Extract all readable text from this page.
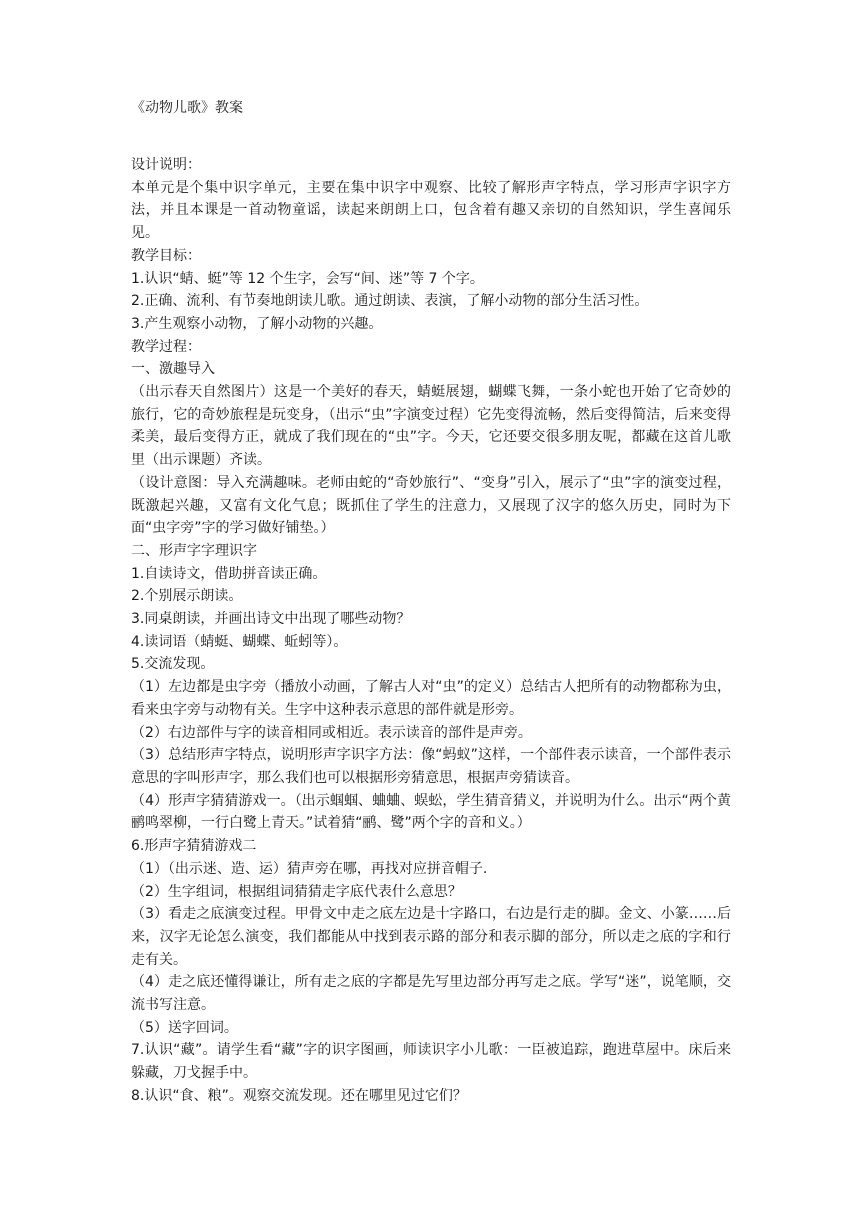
《动物儿歌》教案

设计说明：

本单元是个集中识字单元，主要在集中识字中观察、比较了解形声字特点，学习形声字识字方法，并且本课是一首动物童谣，读起来朗朗上口，包含着有趣又亲切的自然知识，学生喜闻乐见。

教学目标：

1.认识“蜻、蜓”等 12 个生字，会写“间、迷”等 7 个字。

2.正确、流利、有节奏地朗读儿歌。通过朗读、表演，了解小动物的部分生活习性。

3.产生观察小动物，了解小动物的兴趣。

教学过程：

一、激趣导入

（出示春天自然图片）这是一个美好的春天，蜻蜓展翅，蝴蝶飞舞，一条小蛇也开始了它奇妙的旅行，它的奇妙旅程是玩变身，（出示“虫”字演变过程）它先变得流畅，然后变得简洁，后来变得柔美，最后变得方正，就成了我们现在的“虫”字。今天，它还要交很多朋友呢，都藏在这首儿歌里（出示课题）齐读。

（设计意图：导入充满趣味。老师由蛇的“奇妙旅行”、“变身”引入，展示了“虫”字的演变过程，既激起兴趣，又富有文化气息；既抓住了学生的注意力，又展现了汉字的悠久历史，同时为下面“虫字旁”字的学习做好铺垫。）

二、形声字字理识字

1.自读诗文，借助拼音读正确。

2.个别展示朗读。

3.同桌朗读，并画出诗文中出现了哪些动物？

4.读词语（蜻蜓、蝴蝶、蚯蚓等）。

5.交流发现。

（1）左边都是虫字旁（播放小动画，了解古人对“虫”的定义）总结古人把所有的动物都称为虫，看来虫字旁与动物有关。生字中这种表示意思的部件就是形旁。

（2）右边部件与字的读音相同或相近。表示读音的部件是声旁。

（3）总结形声字特点，说明形声字识字方法：像“蚂蚁”这样，一个部件表示读音，一个部件表示意思的字叫形声字，那么我们也可以根据形旁猜意思，根据声旁猜读音。

（4）形声字猜猜游戏一。（出示蝈蝈、蛐蛐、蜈蚣，学生猜音猜义，并说明为什么。出示“两个黄鹂鸣翠柳，一行白鹭上青天。”试着猜“鹂、鹭”两个字的音和义。）

6.形声字猜猜游戏二

（1）（出示迷、造、运）猜声旁在哪，再找对应拼音帽子.

（2）生字组词，根据组词猜猜走字底代表什么意思？

（3）看走之底演变过程。甲骨文中走之底左边是十字路口，右边是行走的脚。金文、小篆……后来，汉字无论怎么演变，我们都能从中找到表示路的部分和表示脚的部分，所以走之底的字和行走有关。

（4）走之底还懂得谦让，所有走之底的字都是先写里边部分再写走之底。学写“迷”，说笔顺，交流书写注意。

（5）送字回词。

7.认识“藏”。请学生看“藏”字的识字图画，师读识字小儿歌：一臣被追踪，跑进草屋中。床后来躲藏，刀戈握手中。

8.认识“食、粮”。观察交流发现。还在哪里见过它们？
